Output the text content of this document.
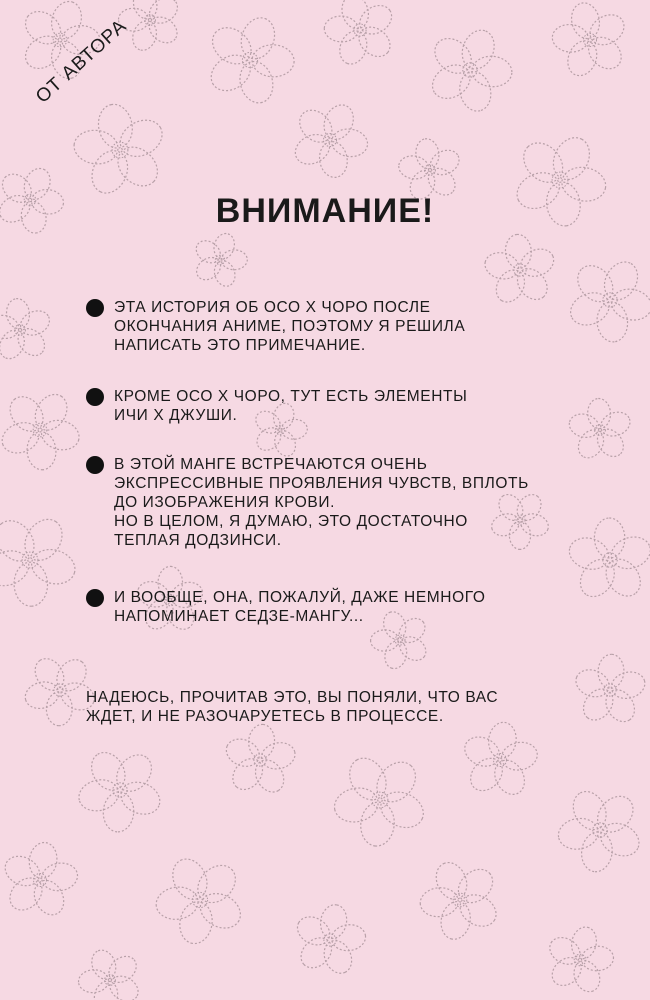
ОТ АВТОРА
ВНИМАНИЕ!
ЭТА ИСТОРИЯ ОБ ОСО Х ЧОРО ПОСЛЕ
ОКОНЧАНИЯ АНИМЕ, ПОЭТОМУ Я РЕШИЛА
НАПИСАТЬ ЭТО ПРИМЕЧАНИЕ.
КРОМЕ ОСО Х ЧОРО, ТУТ ЕСТЬ ЭЛЕМЕНТЫ
ИЧИ Х ДЖУШИ.
В ЭТОЙ МАНГЕ ВСТРЕЧАЮТСЯ ОЧЕНЬ
ЭКСПРЕССИВНЫЕ ПРОЯВЛЕНИЯ ЧУВСТВ, ВПЛОТЬ
ДО ИЗОБРАЖЕНИЯ КРОВИ.
НО В ЦЕЛОМ, Я ДУМАЮ, ЭТО ДОСТАТОЧНО
ТЕПЛАЯ ДОДЗИНСИ.
И ВООБЩЕ, ОНА, ПОЖАЛУЙ, ДАЖЕ НЕМНОГО
НАПОМИНАЕТ СЕДЗЕ-МАНГУ...
НАДЕЮСЬ, ПРОЧИТАВ ЭТО, ВЫ ПОНЯЛИ, ЧТО ВАС
ЖДЕТ, И НЕ РАЗОЧАРУЕТЕСЬ В ПРОЦЕССЕ.
